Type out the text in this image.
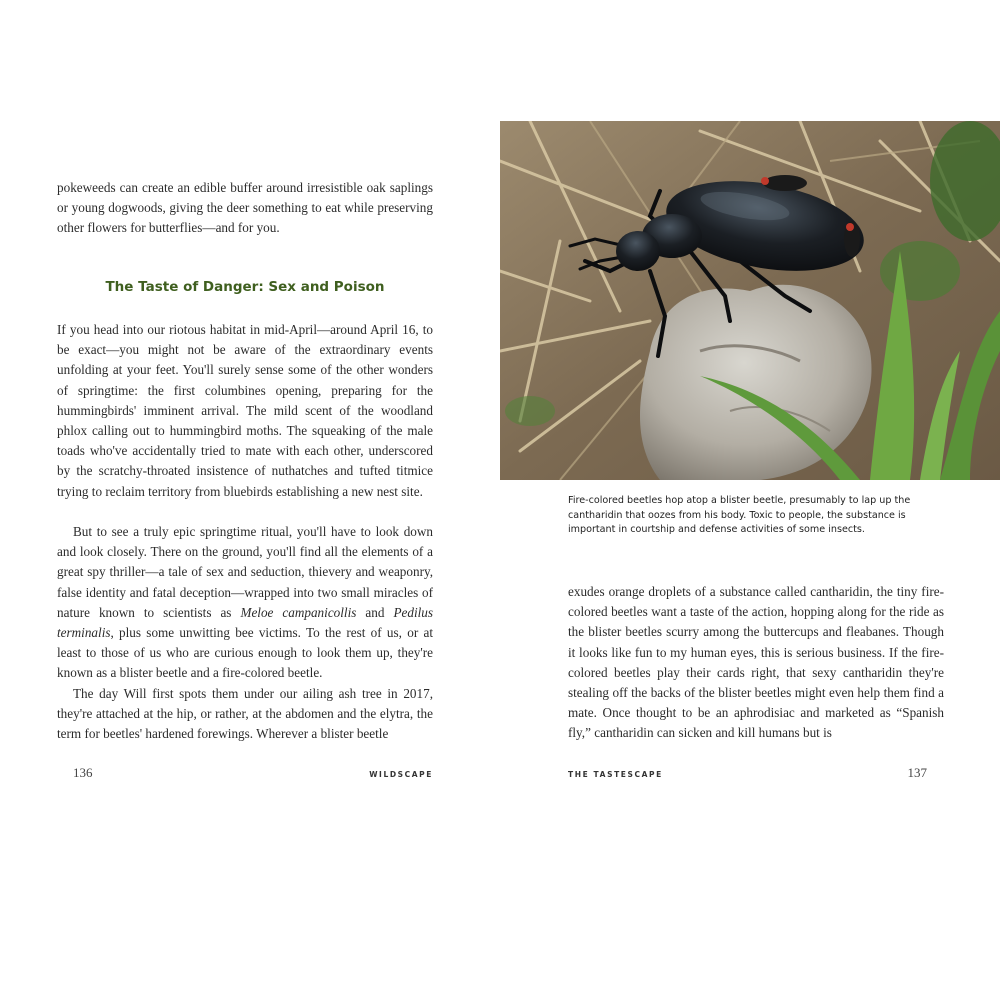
pokeweeds can create an edible buffer around irresistible oak saplings or young dogwoods, giving the deer something to eat while preserving other flowers for butterflies—and for you.

The Taste of Danger: Sex and Poison

If you head into our riotous habitat in mid-April—around April 16, to be exact—you might not be aware of the extraordinary events unfolding at your feet. You'll surely sense some of the other wonders of springtime: the first columbines opening, preparing for the hummingbirds' imminent arrival. The mild scent of the woodland phlox calling out to hummingbird moths. The squeaking of the male toads who've accidentally tried to mate with each other, underscored by the scratchy-throated insistence of nuthatches and tufted titmice trying to reclaim territory from bluebirds establishing a new nest site.

But to see a truly epic springtime ritual, you'll have to look down and look closely. There on the ground, you'll find all the elements of a great spy thriller—a tale of sex and seduction, thievery and weaponry, false identity and fatal deception—wrapped into two small miracles of nature known to scientists as Meloe campanicollis and Pedilus terminalis, plus some unwitting bee victims. To the rest of us, or at least to those of us who are curious enough to look them up, they're known as a blister beetle and a fire-colored beetle.

The day Will first spots them under our ailing ash tree in 2017, they're attached at the hip, or rather, at the abdomen and the elytra, the term for beetles' hardened forewings. Wherever a blister beetle

136	WILDSCAPE

Fire-colored beetles hop atop a blister beetle, presumably to lap up the cantharidin that oozes from his body. Toxic to people, the substance is important in courtship and defense activities of some insects.

exudes orange droplets of a substance called cantharidin, the tiny fire-colored beetles want a taste of the action, hopping along for the ride as the blister beetles scurry among the buttercups and fleabanes. Though it looks like fun to my human eyes, this is serious business. If the fire-colored beetles play their cards right, that sexy cantharidin they're stealing off the backs of the blister beetles might even help them find a mate. Once thought to be an aphrodisiac and marketed as “Spanish fly,” cantharidin can sicken and kill humans but is

THE TASTESCAPE	137
